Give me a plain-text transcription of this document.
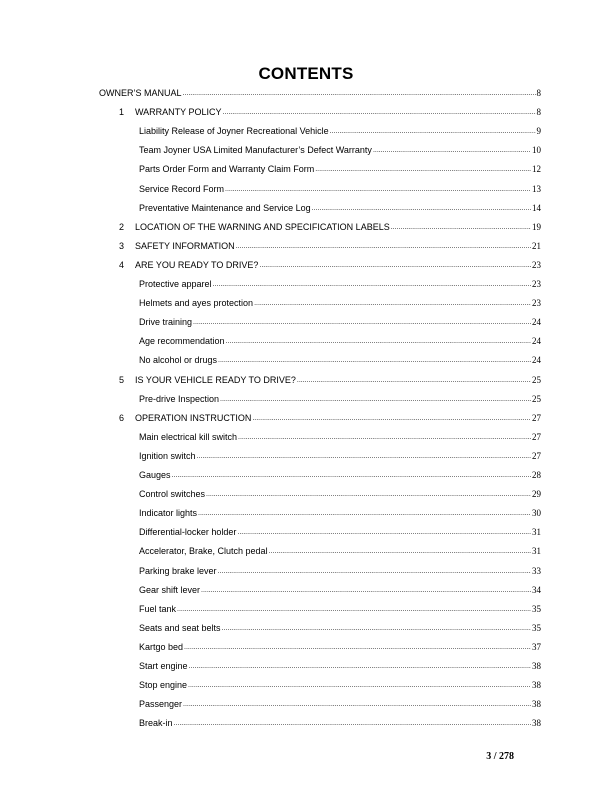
CONTENTS
OWNER’S MANUAL .....	8
1 WARRANTY POLICY .....	8
Liability Release of Joyner Recreational Vehicle .....	9
Team Joyner USA Limited Manufacturer’s Defect Warranty .....	10
Parts Order Form and Warranty Claim Form .....	12
Service Record Form .....	13
Preventative Maintenance and Service Log .....	14
2 LOCATION OF THE WARNING AND SPECIFICATION LABELS .....	19
3 SAFETY INFORMATION .....	21
4 ARE YOU READY TO DRIVE? .....	23
Protective apparel .....	23
Helmets and ayes protection .....	23
Drive training .....	24
Age recommendation .....	24
No alcohol or drugs .....	24
5 IS YOUR VEHICLE READY TO DRIVE? .....	25
Pre-drive Inspection .....	25
6 OPERATION INSTRUCTION .....	27
Main electrical kill switch .....	27
Ignition switch .....	27
Gauges .....	28
Control switches .....	29
Indicator lights .....	30
Differential-locker holder .....	31
Accelerator, Brake, Clutch pedal .....	31
Parking brake lever .....	33
Gear shift lever .....	34
Fuel tank .....	35
Seats and seat belts .....	35
Kartgo bed .....	37
Start engine .....	38
Stop engine .....	38
Passenger .....	38
Break-in .....	38
3 / 278
